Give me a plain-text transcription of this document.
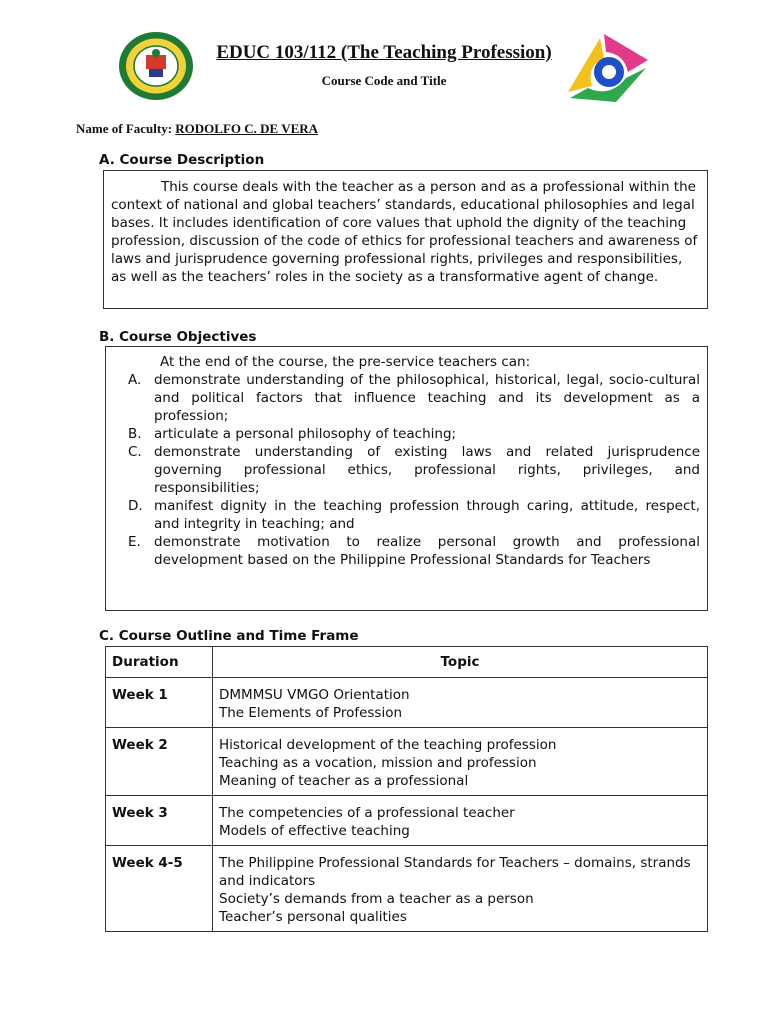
EDUC 103/112 (The Teaching Profession)
Course Code and Title
Name of Faculty: RODOLFO C. DE VERA
A. Course Description

This course deals with the teacher as a person and as a professional within the context of national and global teachers’ standards, educational philosophies and legal bases. It includes identification of core values that uphold the dignity of the teaching profession, discussion of the code of ethics for professional teachers and awareness of laws and jurisprudence governing professional rights, privileges and responsibilities, as well as the teachers’ roles in the society as a transformative agent of change.

B. Course Objectives

At the end of the course, the pre-service teachers can:

A. demonstrate understanding of the philosophical, historical, legal, socio-cultural and political factors that influence teaching and its development as a profession;
B. articulate a personal philosophy of teaching;
C. demonstrate understanding of existing laws and related jurisprudence governing professional ethics, professional rights, privileges, and responsibilities;
D. manifest dignity in the teaching profession through caring, attitude, respect, and integrity in teaching; and
E. demonstrate motivation to realize personal growth and professional development based on the Philippine Professional Standards for Teachers
C. Course Outline and Time Frame
Duration	Topic
Week 1	DMMMSU VMGO Orientation
The Elements of Profession

Week 2	Historical development of the teaching profession
Teaching as a vocation, mission and profession
Meaning of teacher as a professional

Week 3	The competencies of a professional teacher
Models of effective teaching

Week 4-5	The Philippine Professional Standards for Teachers – domains, strands and indicators
Society’s demands from a teacher as a person
Teacher’s personal qualities
